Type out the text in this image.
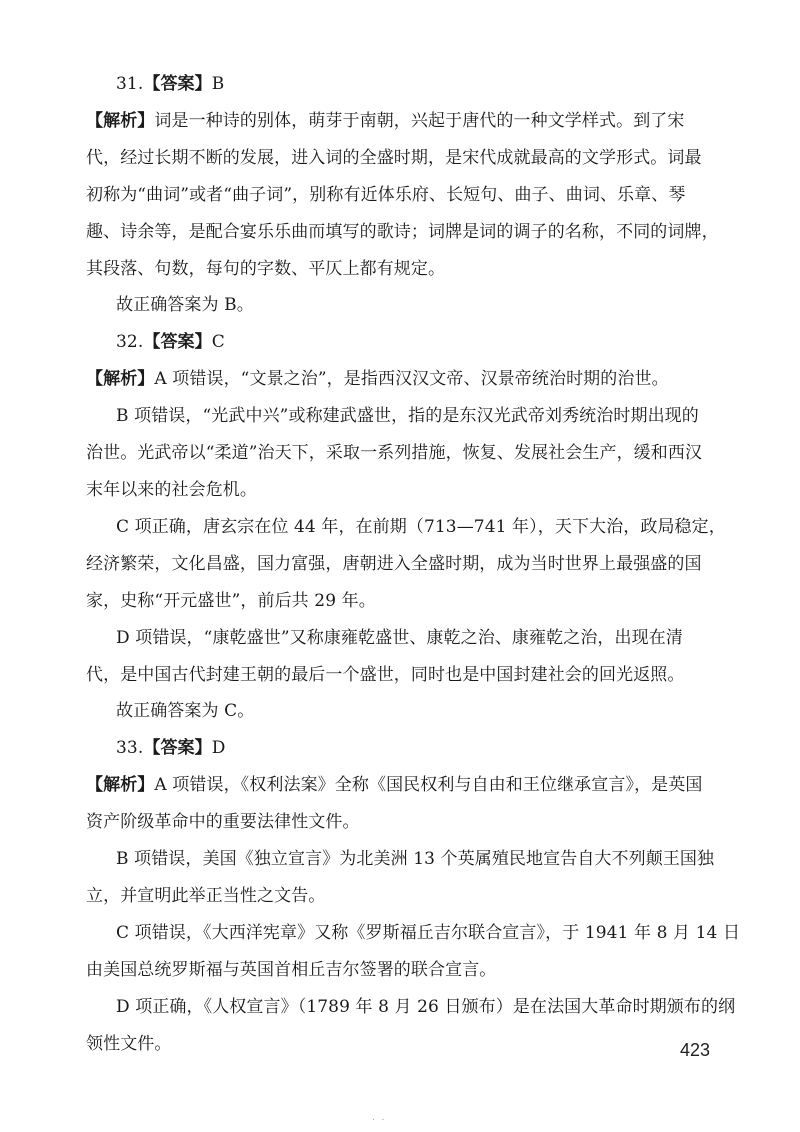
31.【答案】B
【解析】词是一种诗的别体，萌芽于南朝，兴起于唐代的一种文学样式。到了宋
代，经过长期不断的发展，进入词的全盛时期，是宋代成就最高的文学形式。词最
初称为“曲词”或者“曲子词”，别称有近体乐府、长短句、曲子、曲词、乐章、琴
趣、诗余等，是配合宴乐乐曲而填写的歌诗；词牌是词的调子的名称，不同的词牌，
其段落、句数，每句的字数、平仄上都有规定。
故正确答案为 B。
32.【答案】C
【解析】A 项错误，“文景之治”，是指西汉汉文帝、汉景帝统治时期的治世。
B 项错误，“光武中兴”或称建武盛世，指的是东汉光武帝刘秀统治时期出现的
治世。光武帝以“柔道”治天下，采取一系列措施，恢复、发展社会生产，缓和西汉
末年以来的社会危机。
C 项正确，唐玄宗在位 44 年，在前期（713—741 年），天下大治，政局稳定，
经济繁荣，文化昌盛，国力富强，唐朝进入全盛时期，成为当时世界上最强盛的国
家，史称“开元盛世”，前后共 29 年。
D 项错误，“康乾盛世”又称康雍乾盛世、康乾之治、康雍乾之治，出现在清
代，是中国古代封建王朝的最后一个盛世，同时也是中国封建社会的回光返照。
故正确答案为 C。
33.【答案】D
【解析】A 项错误，《权利法案》全称《国民权利与自由和王位继承宣言》，是英国
资产阶级革命中的重要法律性文件。
B 项错误，美国《独立宣言》为北美洲 13 个英属殖民地宣告自大不列颠王国独
立，并宣明此举正当性之文告。
C 项错误，《大西洋宪章》又称《罗斯福丘吉尔联合宣言》，于 1941 年 8 月 14 日
由美国总统罗斯福与英国首相丘吉尔签署的联合宣言。
D 项正确，《人权宣言》（1789 年 8 月 26 日颁布）是在法国大革命时期颁布的纲
领性文件。	423
. .
